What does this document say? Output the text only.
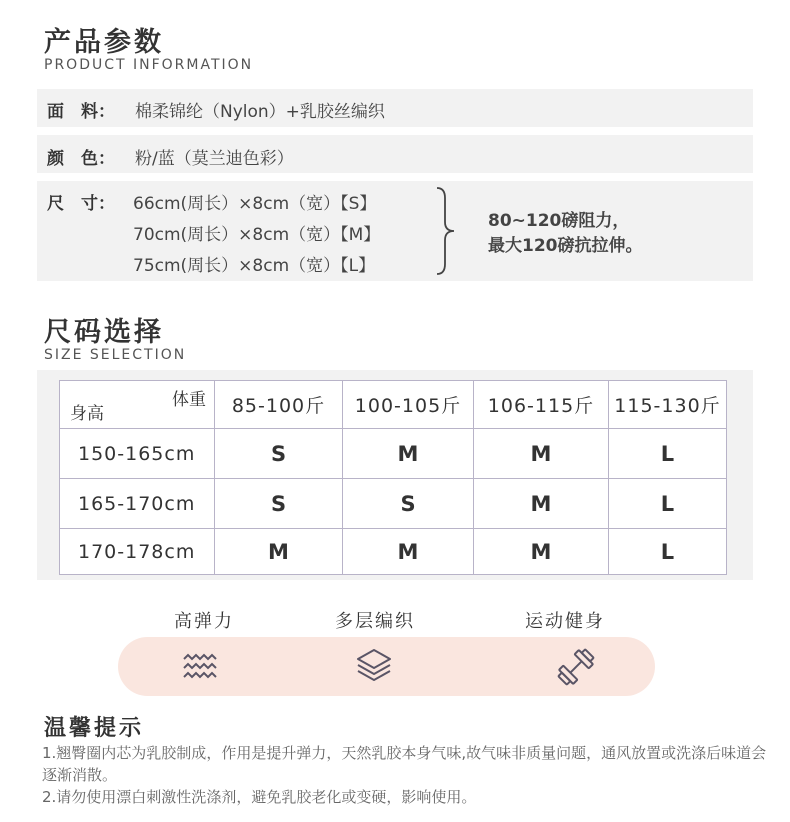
产品参数
PRODUCT INFORMATION
面　料： 棉柔锦纶（Nylon）+乳胶丝编织
颜　色： 粉/蓝（莫兰迪色彩）
尺　寸： 66cm(周长）×8cm（宽）【S】
70cm(周长）×8cm（宽）【M】
75cm(周长）×8cm（宽）【L】
80~120磅阻力，
最大120磅抗拉伸。
尺码选择
SIZE SELECTION
体重
身高	85-100斤	100-105斤	106-115斤	115-130斤
150-165cm	S	M	M	L
165-170cm	S	S	M	L
170-178cm	M	M	M	L
高弹力	多层编织	运动健身
温馨提示
1.翘臀圈内芯为乳胶制成，作用是提升弹力，天然乳胶本身气味,故气味非质量问题，通风放置或洗涤后味道会逐渐消散。
2.请勿使用漂白刺激性洗涤剂，避免乳胶老化或变硬，影响使用。
